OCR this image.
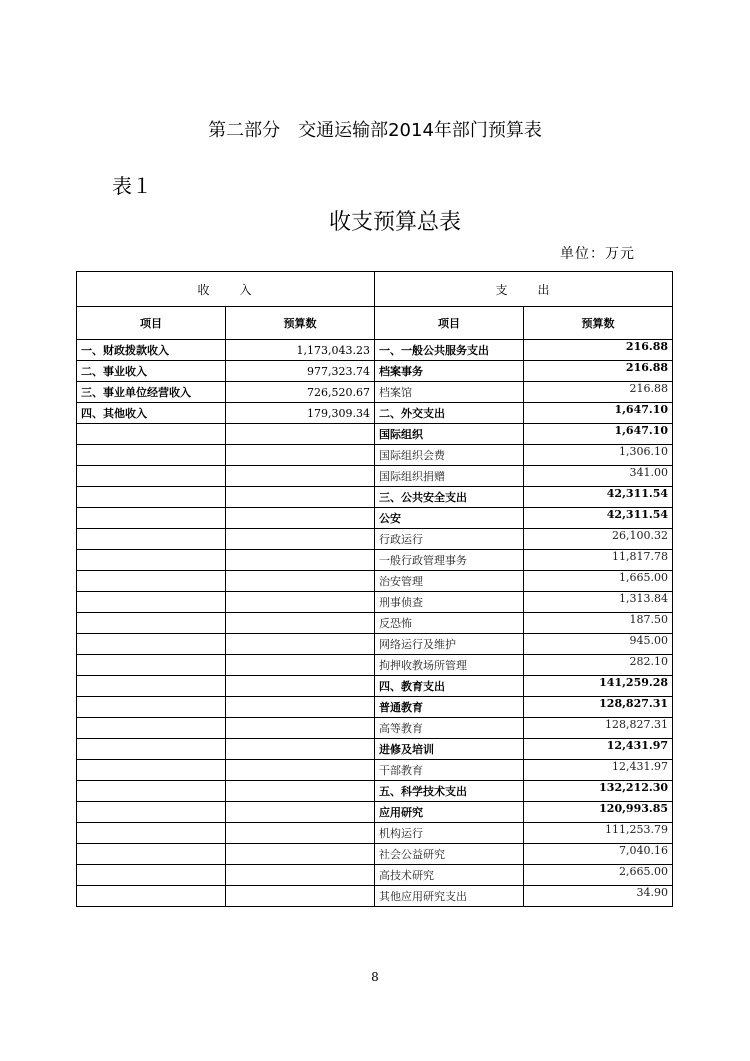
第二部分　交通运输部2014年部门预算表
表１
收支预算总表
单位：万元
收　　入		支　　出	
项目	预算数	项目	预算数
一、财政拨款收入	1,173,043.23	一、一般公共服务支出	216.88
二、事业收入	977,323.74	档案事务	216.88
三、事业单位经营收入	726,520.67	档案馆	216.88
四、其他收入	179,309.34	二、外交支出	1,647.10
		国际组织	1,647.10
		国际组织会费	1,306.10
		国际组织捐赠	341.00
		三、公共安全支出	42,311.54
		公安	42,311.54
		行政运行	26,100.32
		一般行政管理事务	11,817.78
		治安管理	1,665.00
		刑事侦查	1,313.84
		反恐怖	187.50
		网络运行及维护	945.00
		拘押收教场所管理	282.10
		四、教育支出	141,259.28
		普通教育	128,827.31
		高等教育	128,827.31
		进修及培训	12,431.97
		干部教育	12,431.97
		五、科学技术支出	132,212.30
		应用研究	120,993.85
		机构运行	111,253.79
		社会公益研究	7,040.16
		高技术研究	2,665.00
		其他应用研究支出	34.90
8
